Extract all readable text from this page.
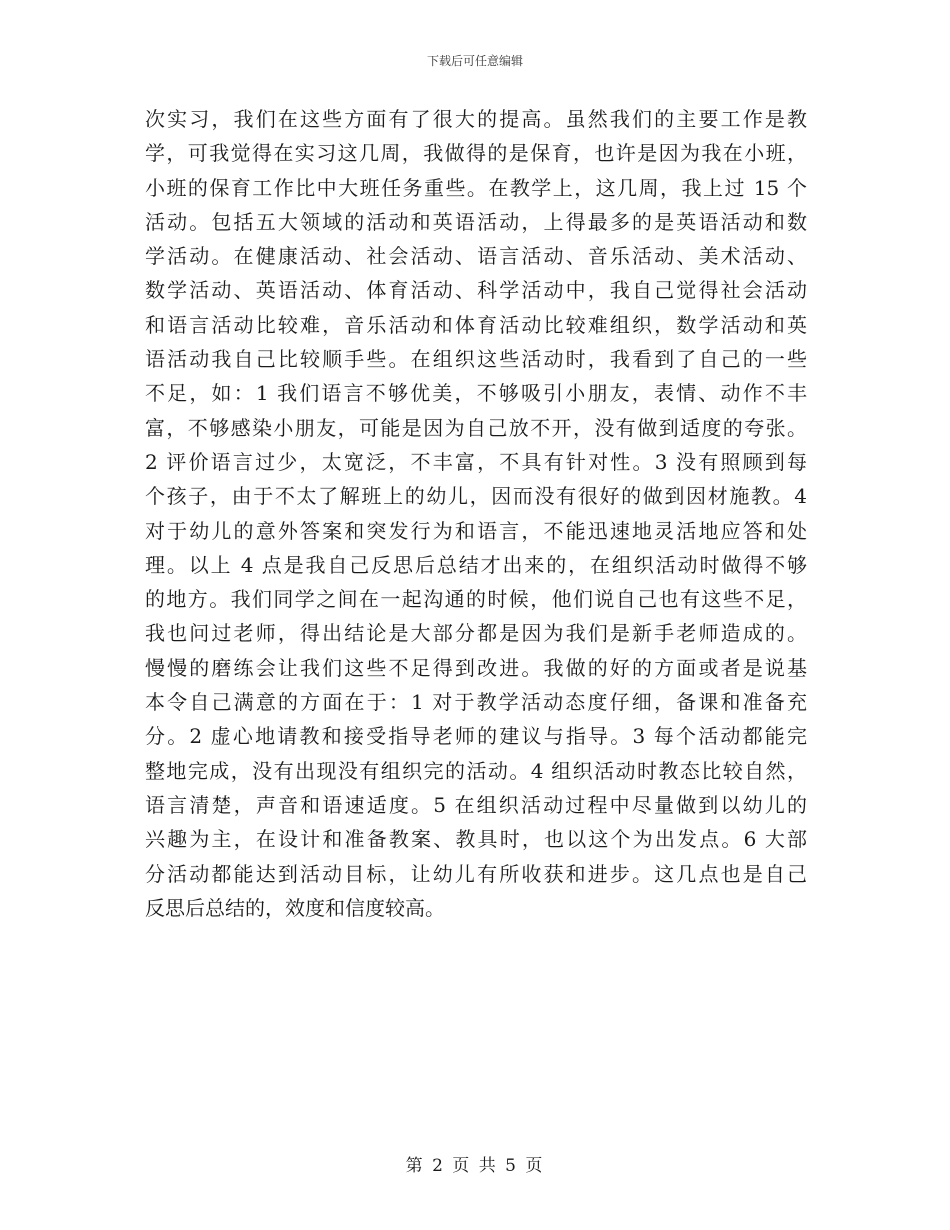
下载后可任意编辑
次实习，我们在这些方面有了很大的提高。虽然我们的主要工作是教
学，可我觉得在实习这几周，我做得的是保育，也许是因为我在小班，
小班的保育工作比中大班任务重些。在教学上，这几周，我上过 15 个
活动。包括五大领域的活动和英语活动，上得最多的是英语活动和数
学活动。在健康活动、社会活动、语言活动、音乐活动、美术活动、
数学活动、英语活动、体育活动、科学活动中，我自己觉得社会活动
和语言活动比较难，音乐活动和体育活动比较难组织，数学活动和英
语活动我自己比较顺手些。在组织这些活动时，我看到了自己的一些
不足，如：1 我们语言不够优美，不够吸引小朋友，表情、动作不丰
富，不够感染小朋友，可能是因为自己放不开，没有做到适度的夸张。
2 评价语言过少，太宽泛，不丰富，不具有针对性。3 没有照顾到每
个孩子，由于不太了解班上的幼儿，因而没有很好的做到因材施教。4
对于幼儿的意外答案和突发行为和语言，不能迅速地灵活地应答和处
理。以上 4 点是我自己反思后总结才出来的，在组织活动时做得不够
的地方。我们同学之间在一起沟通的时候，他们说自己也有这些不足，
我也问过老师，得出结论是大部分都是因为我们是新手老师造成的。
慢慢的磨练会让我们这些不足得到改进。我做的好的方面或者是说基
本令自己满意的方面在于：1 对于教学活动态度仔细，备课和准备充
分。2 虚心地请教和接受指导老师的建议与指导。3 每个活动都能完
整地完成，没有出现没有组织完的活动。4 组织活动时教态比较自然，
语言清楚，声音和语速适度。5 在组织活动过程中尽量做到以幼儿的
兴趣为主，在设计和准备教案、教具时，也以这个为出发点。6 大部
分活动都能达到活动目标，让幼儿有所收获和进步。这几点也是自己
反思后总结的，效度和信度较高。
第 2 页 共 5 页
